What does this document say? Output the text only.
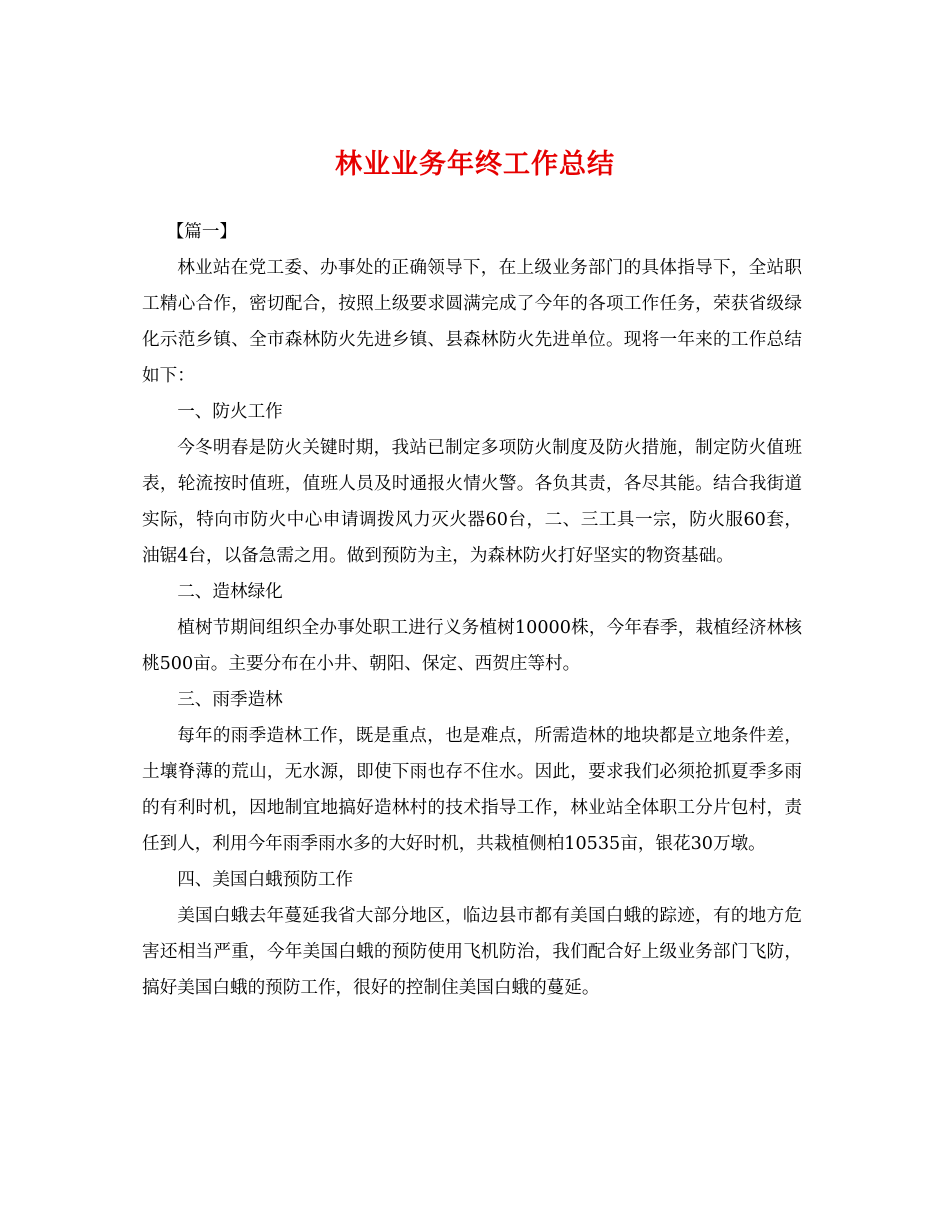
林业业务年终工作总结

【篇一】

林业站在党工委、办事处的正确领导下，在上级业务部门的具体指导下，全站职工精心合作，密切配合，按照上级要求圆满完成了今年的各项工作任务，荣获省级绿化示范乡镇、全市森林防火先进乡镇、县森林防火先进单位。现将一年来的工作总结如下：

一、防火工作

今冬明春是防火关键时期，我站已制定多项防火制度及防火措施，制定防火值班表，轮流按时值班，值班人员及时通报火情火警。各负其责，各尽其能。结合我街道实际，特向市防火中心申请调拨风力灭火器60台，二、三工具一宗，防火服60套，油锯4台，以备急需之用。做到预防为主，为森林防火打好坚实的物资基础。

二、造林绿化

植树节期间组织全办事处职工进行义务植树10000株，今年春季，栽植经济林核桃500亩。主要分布在小井、朝阳、保定、西贺庄等村。

三、雨季造林

每年的雨季造林工作，既是重点，也是难点，所需造林的地块都是立地条件差，土壤脊薄的荒山，无水源，即使下雨也存不住水。因此，要求我们必须抢抓夏季多雨的有利时机，因地制宜地搞好造林村的技术指导工作，林业站全体职工分片包村，责任到人，利用今年雨季雨水多的大好时机，共栽植侧柏10535亩，银花30万墩。

四、美国白蛾预防工作

美国白蛾去年蔓延我省大部分地区，临边县市都有美国白蛾的踪迹，有的地方危害还相当严重，今年美国白蛾的预防使用飞机防治，我们配合好上级业务部门飞防，搞好美国白蛾的预防工作，很好的控制住美国白蛾的蔓延。
